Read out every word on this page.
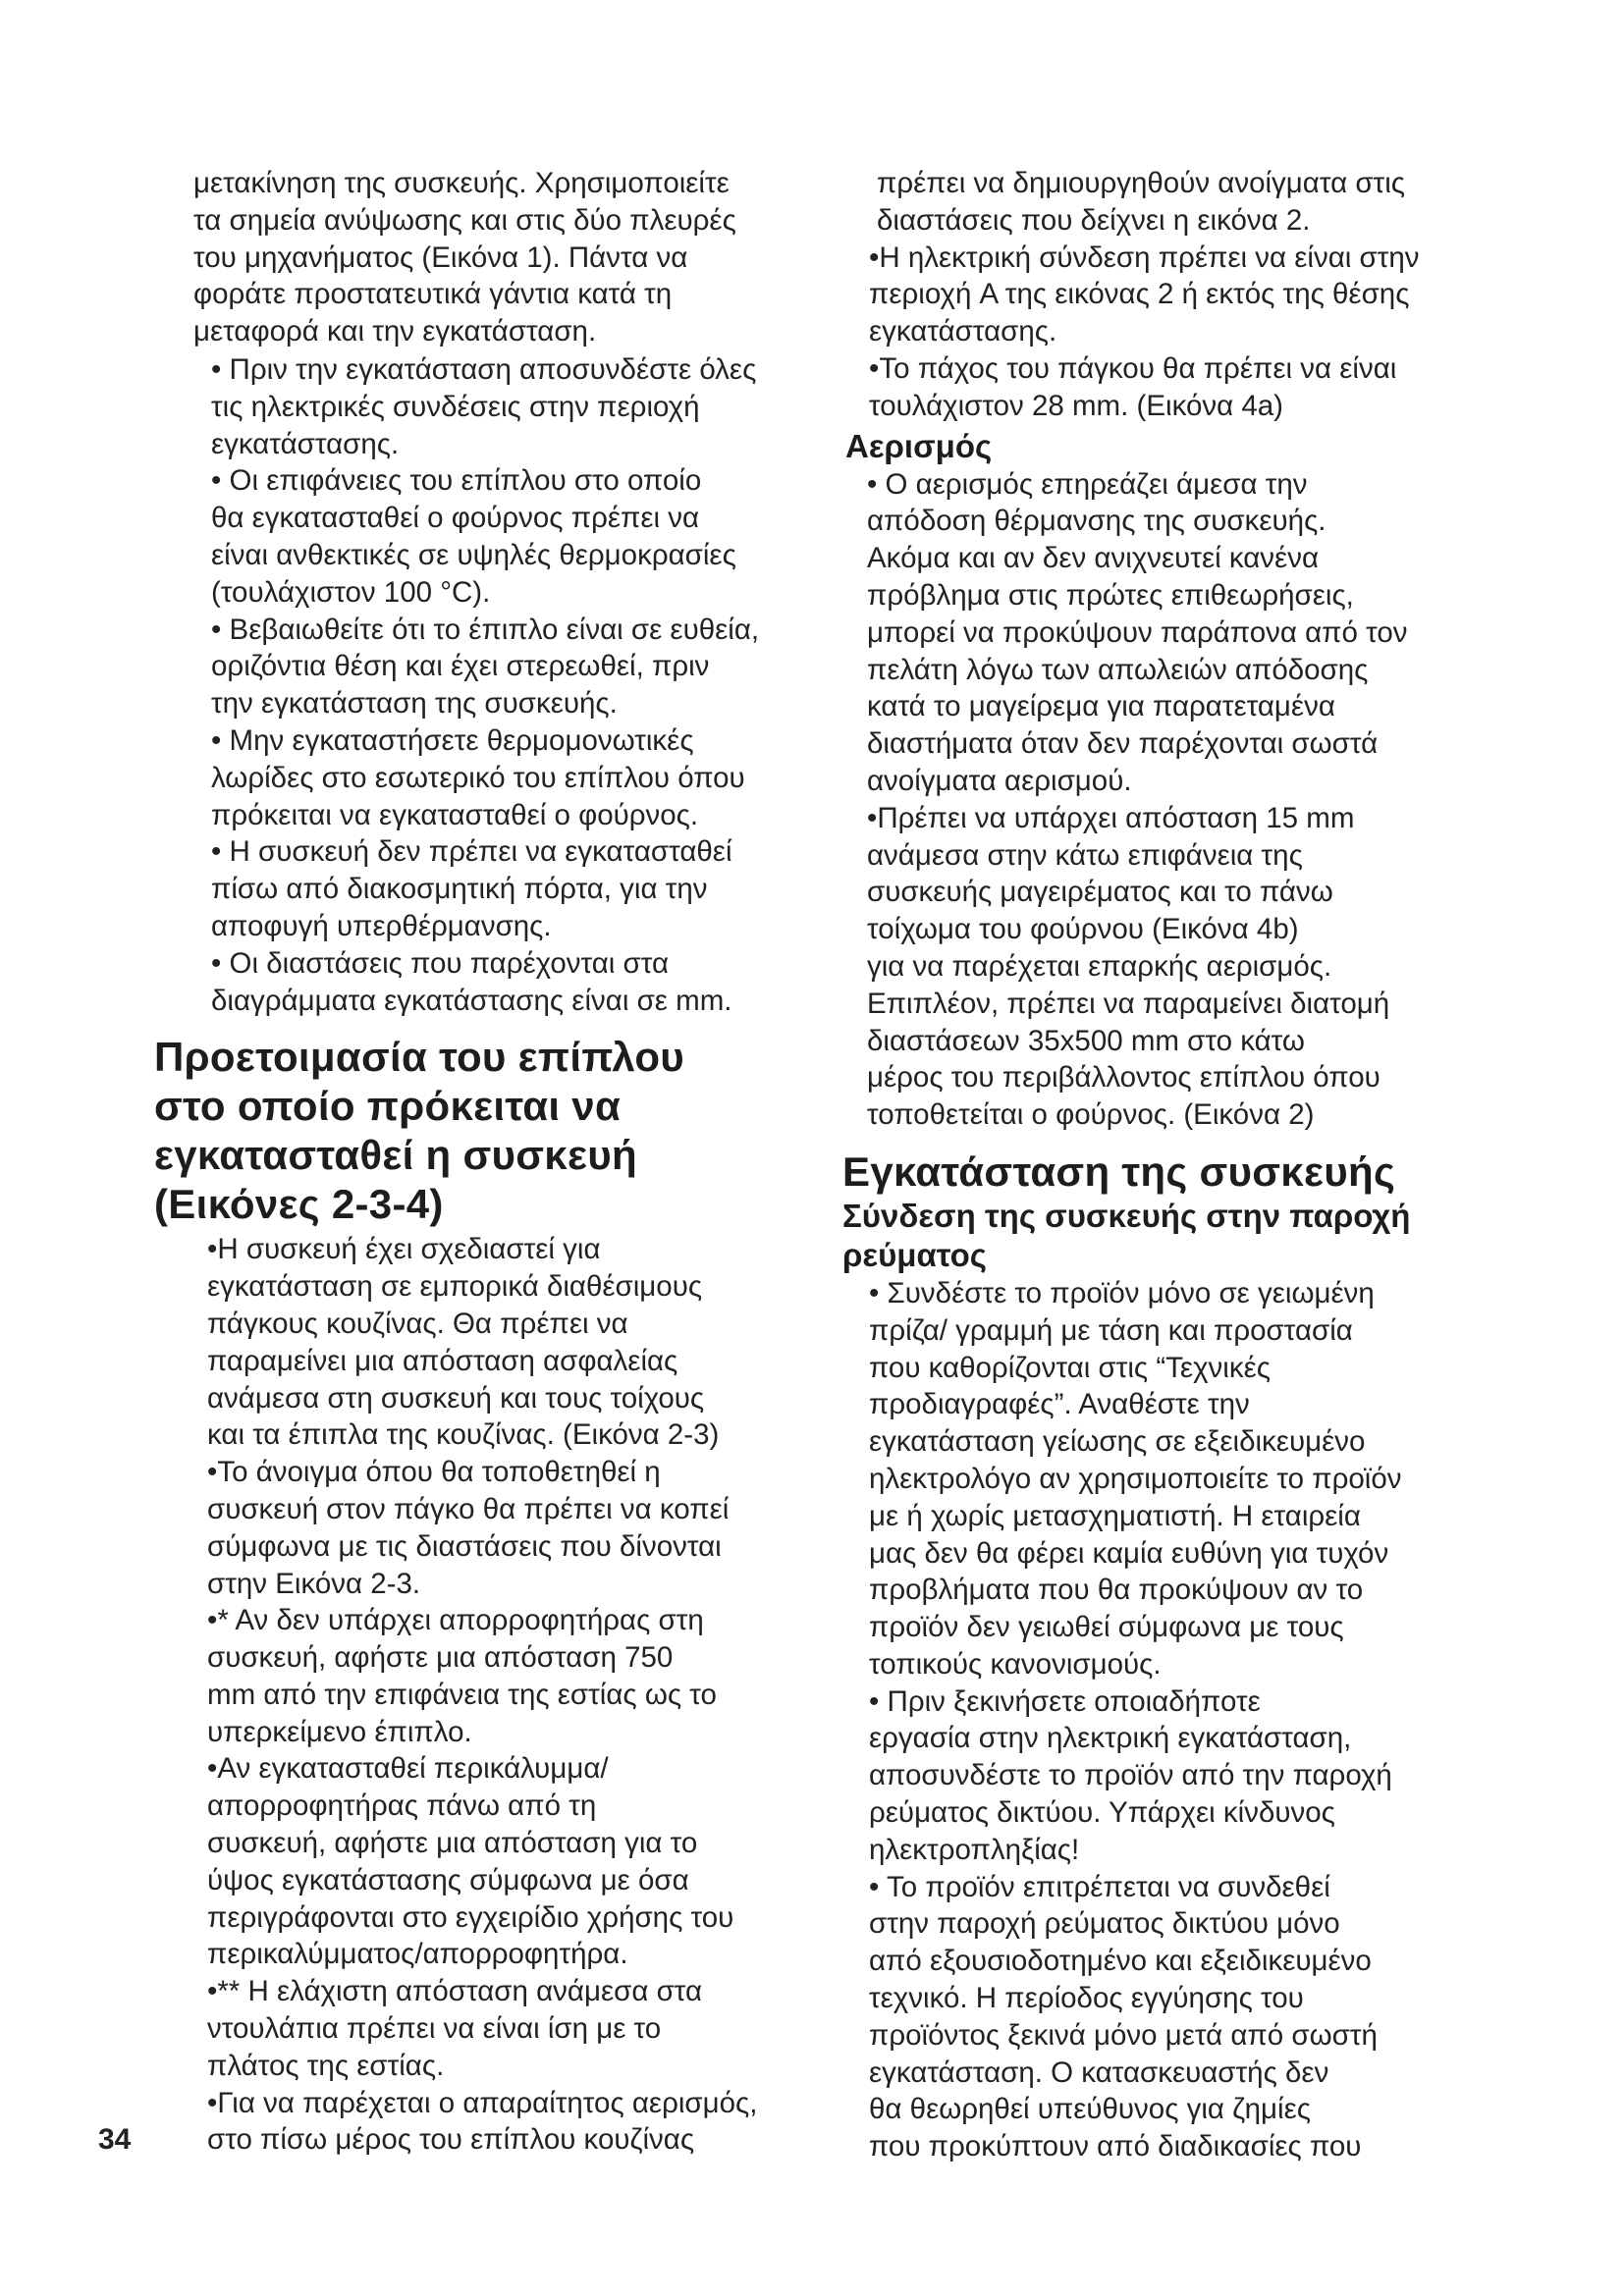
μετακίνηση της συσκευής. Χρησιμοποιείτε

τα σημεία ανύψωσης και στις δύο πλευρές

του μηχανήματος (Εικόνα 1). Πάντα να

φοράτε προστατευτικά γάντια κατά τη

μεταφορά και την εγκατάσταση.

• Πριν την εγκατάσταση αποσυνδέστε όλες

τις ηλεκτρικές συνδέσεις στην περιοχή

εγκατάστασης.

• Οι επιφάνειες του επίπλου στο οποίο

θα εγκατασταθεί ο φούρνος πρέπει να

είναι ανθεκτικές σε υψηλές θερμοκρασίες

(τουλάχιστον 100 °C).

• Βεβαιωθείτε ότι το έπιπλο είναι σε ευθεία,

οριζόντια θέση και έχει στερεωθεί, πριν

την εγκατάσταση της συσκευής.

• Μην εγκαταστήσετε θερμομονωτικές

λωρίδες στο εσωτερικό του επίπλου όπου

πρόκειται να εγκατασταθεί ο φούρνος.

• Η συσκευή δεν πρέπει να εγκατασταθεί

πίσω από διακοσμητική πόρτα, για την

αποφυγή υπερθέρμανσης.

• Οι διαστάσεις που παρέχονται στα

διαγράμματα εγκατάστασης είναι σε mm.

Προετοιμασία του επίπλου

στο οποίο πρόκειται να

εγκατασταθεί η συσκευή

(Εικόνες 2-3-4)

•Η συσκευή έχει σχεδιαστεί για

εγκατάσταση σε εμπορικά διαθέσιμους

πάγκους κουζίνας. Θα πρέπει να

παραμείνει μια απόσταση ασφαλείας

ανάμεσα στη συσκευή και τους τοίχους

και τα έπιπλα της κουζίνας. (Εικόνα 2-3)

•Το άνοιγμα όπου θα τοποθετηθεί η

συσκευή στον πάγκο θα πρέπει να κοπεί

σύμφωνα με τις διαστάσεις που δίνονται

στην Εικόνα 2-3.

•* Αν δεν υπάρχει απορροφητήρας στη

συσκευή, αφήστε μια απόσταση 750

mm από την επιφάνεια της εστίας ως το

υπερκείμενο έπιπλο.

•Αν εγκατασταθεί περικάλυμμα/

απορροφητήρας πάνω από τη

συσκευή, αφήστε μια απόσταση για το

ύψος εγκατάστασης σύμφωνα με όσα

περιγράφονται στο εγχειρίδιο χρήσης του

περικαλύμματος/απορροφητήρα.

•** Η ελάχιστη απόσταση ανάμεσα στα

ντουλάπια πρέπει να είναι ίση με το

πλάτος της εστίας.

•Για να παρέχεται ο απαραίτητος αερισμός,

στο πίσω μέρος του επίπλου κουζίνας

πρέπει να δημιουργηθούν ανοίγματα στις

διαστάσεις που δείχνει η εικόνα 2.

•Η ηλεκτρική σύνδεση πρέπει να είναι στην

περιοχή A της εικόνας 2 ή εκτός της θέσης

εγκατάστασης.

•Το πάχος του πάγκου θα πρέπει να είναι

τουλάχιστον 28 mm. (Εικόνα 4a)

Αερισμός

• Ο αερισμός επηρεάζει άμεσα την

απόδοση θέρμανσης της συσκευής.

Ακόμα και αν δεν ανιχνευτεί κανένα

πρόβλημα στις πρώτες επιθεωρήσεις,

μπορεί να προκύψουν παράπονα από τον

πελάτη λόγω των απωλειών απόδοσης

κατά το μαγείρεμα για παρατεταμένα

διαστήματα όταν δεν παρέχονται σωστά

ανοίγματα αερισμού.

•Πρέπει να υπάρχει απόσταση 15 mm

ανάμεσα στην κάτω επιφάνεια της

συσκευής μαγειρέματος και το πάνω

τοίχωμα του φούρνου (Εικόνα 4b)

για να παρέχεται επαρκής αερισμός.

Επιπλέον, πρέπει να παραμείνει διατομή

διαστάσεων 35x500 mm στο κάτω

μέρος του περιβάλλοντος επίπλου όπου

τοποθετείται ο φούρνος. (Εικόνα 2)

Εγκατάσταση της συσκευής

Σύνδεση της συσκευής στην παροχή

ρεύματος

• Συνδέστε το προϊόν μόνο σε γειωμένη

πρίζα/ γραμμή με τάση και προστασία

που καθορίζονται στις “Τεχνικές

προδιαγραφές”. Αναθέστε την

εγκατάσταση γείωσης σε εξειδικευμένο

ηλεκτρολόγο αν χρησιμοποιείτε το προϊόν

με ή χωρίς μετασχηματιστή. Η εταιρεία

μας δεν θα φέρει καμία ευθύνη για τυχόν

προβλήματα που θα προκύψουν αν το

προϊόν δεν γειωθεί σύμφωνα με τους

τοπικούς κανονισμούς.

• Πριν ξεκινήσετε οποιαδήποτε

εργασία στην ηλεκτρική εγκατάσταση,

αποσυνδέστε το προϊόν από την παροχή

ρεύματος δικτύου. Υπάρχει κίνδυνος

ηλεκτροπληξίας!

• Το προϊόν επιτρέπεται να συνδεθεί

στην παροχή ρεύματος δικτύου μόνο

από εξουσιοδοτημένο και εξειδικευμένο

τεχνικό. Η περίοδος εγγύησης του

προϊόντος ξεκινά μόνο μετά από σωστή

εγκατάσταση. Ο κατασκευαστής δεν

θα θεωρηθεί υπεύθυνος για ζημίες

που προκύπτουν από διαδικασίες που

34
